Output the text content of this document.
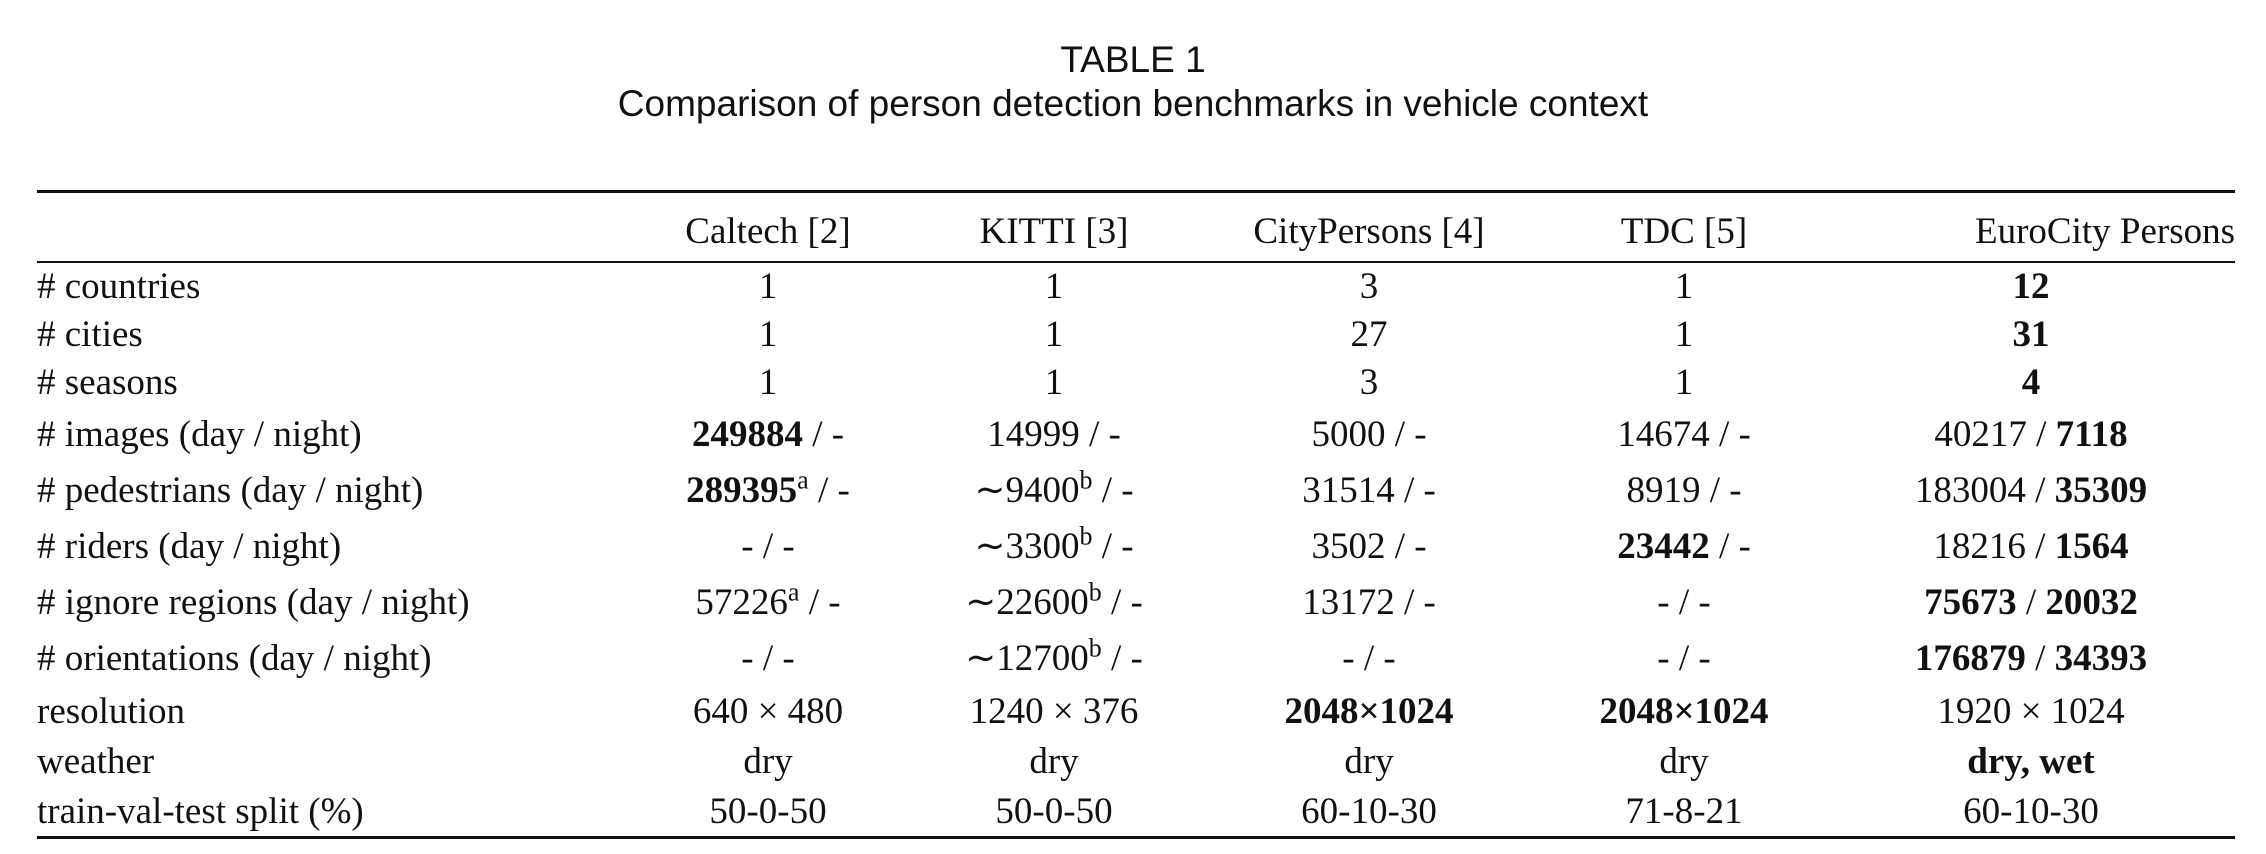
TABLE 1
Comparison of person detection benchmarks in vehicle context
	Caltech [2]	KITTI [3]	CityPersons [4]	TDC [5]	EuroCity Persons
# countries	1	1	3	1	12
# cities	1	1	27	1	31
# seasons	1	1	3	1	4
# images (day / night)	249884 / -	14999 / -	5000 / -	14674 / -	40217 / 7118
# pedestrians (day / night)	289395$^a$ / -	∼9400$^b$ / -	31514 / -	8919 / -	183004 / 35309
# riders (day / night)	- / -	∼3300$^b$ / -	3502 / -	23442 / -	18216 / 1564
# ignore regions (day / night)	57226$^a$ / -	∼22600$^b$ / -	13172 / -	- / -	75673 / 20032
# orientations (day / night)	- / -	∼12700$^b$ / -	- / -	- / -	176879 / 34393
resolution	640 × 480	1240 × 376	2048×1024	2048×1024	1920 × 1024
weather	dry	dry	dry	dry	dry, wet
train-val-test split (%)	50-0-50	50-0-50	60-10-30	71-8-21	60-10-30
